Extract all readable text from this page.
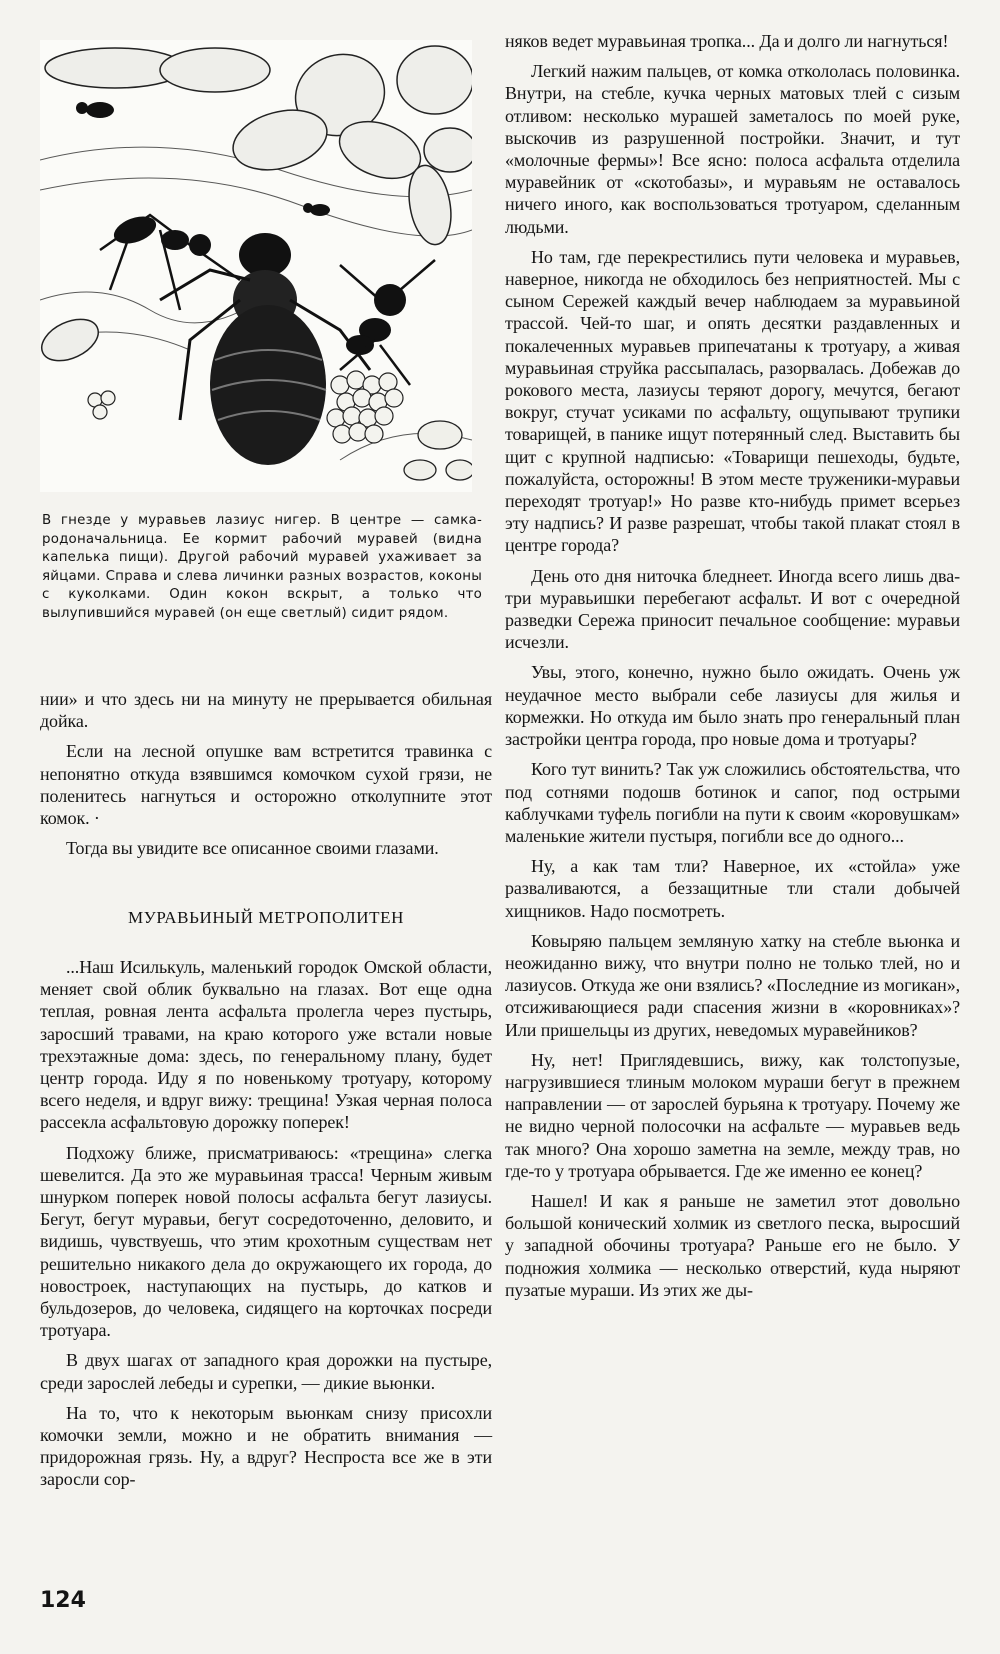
В гнезде у муравьев лазиус нигер. В центре — самка-родоначальница. Ее кормит рабочий муравей (видна капелька пищи). Другой рабочий муравей ухаживает за яйцами. Справа и слева личинки разных возрастов, коконы с куколками. Один кокон вскрыт, а только что вылупившийся муравей (он еще светлый) сидит рядом.

нии» и что здесь ни на минуту не прерывается обильная дойка.

Если на лесной опушке вам встретится травинка с непонятно откуда взявшимся комочком сухой грязи, не поленитесь нагнуться и осторожно отколупните этот комок. ·

Тогда вы увидите все описанное своими глазами.

МУРАВЬИНЫЙ МЕТРОПОЛИТЕН

...Наш Исилькуль, маленький городок Омской области, меняет свой облик буквально на глазах. Вот еще одна теплая, ровная лента асфальта пролегла через пустырь, заросший травами, на краю которого уже встали новые трехэтажные дома: здесь, по генеральному плану, будет центр города. Иду я по новенькому тротуару, которому всего неделя, и вдруг вижу: трещина! Узкая черная полоса рассекла асфальтовую дорожку поперек!

Подхожу ближе, присматриваюсь: «трещина» слегка шевелится. Да это же муравьиная трасса! Черным живым шнурком поперек новой полосы асфальта бегут лазиусы. Бегут, бегут муравьи, бегут сосредоточенно, деловито, и видишь, чувствуешь, что этим крохотным существам нет решительно никакого дела до окружающего их города, до новостроек, наступающих на пустырь, до катков и бульдозеров, до человека, сидящего на корточках посреди тротуара.

В двух шагах от западного края дорожки на пустыре, среди зарослей лебеды и сурепки, — дикие вьюнки.

На то, что к некоторым вьюнкам снизу присохли комочки земли, можно и не обратить внимания — придорожная грязь. Ну, а вдруг? Неспроста все же в эти заросли сор-

няков ведет муравьиная тропка... Да и долго ли нагнуться!

Легкий нажим пальцев, от комка откололась половинка. Внутри, на стебле, кучка черных матовых тлей с сизым отливом: несколько мурашей заметалось по моей руке, выскочив из разрушенной постройки. Значит, и тут «молочные фермы»! Все ясно: полоса асфальта отделила муравейник от «скотобазы», и муравьям не оставалось ничего иного, как воспользоваться тротуаром, сделанным людьми.

Но там, где перекрестились пути человека и муравьев, наверное, никогда не обходилось без неприятностей. Мы с сыном Сережей каждый вечер наблюдаем за муравьиной трассой. Чей-то шаг, и опять десятки раздавленных и покалеченных муравьев припечатаны к тротуару, а живая муравьиная струйка рассыпалась, разорвалась. Добежав до рокового места, лазиусы теряют дорогу, мечутся, бегают вокруг, стучат усиками по асфальту, ощупывают трупики товарищей, в панике ищут потерянный след. Выставить бы щит с крупной надписью: «Товарищи пешеходы, будьте, пожалуйста, осторожны! В этом месте труженики-муравьи переходят тротуар!» Но разве кто-нибудь примет всерьез эту надпись? И разве разрешат, чтобы такой плакат стоял в центре города?

День ото дня ниточка бледнеет. Иногда всего лишь два-три муравьишки перебегают асфальт. И вот с очередной разведки Сережа приносит печальное сообщение: муравьи исчезли.

Увы, этого, конечно, нужно было ожидать. Очень уж неудачное место выбрали себе лазиусы для жилья и кормежки. Но откуда им было знать про генеральный план застройки центра города, про новые дома и тротуары?

Кого тут винить? Так уж сложились обстоятельства, что под сотнями подошв ботинок и сапог, под острыми каблучками туфель погибли на пути к своим «коровушкам» маленькие жители пустыря, погибли все до одного...

Ну, а как там тли? Наверное, их «стойла» уже разваливаются, а беззащитные тли стали добычей хищников. Надо посмотреть.

Ковыряю пальцем земляную хатку на стебле вьюнка и неожиданно вижу, что внутри полно не только тлей, но и лазиусов. Откуда же они взялись? «Последние из могикан», отсиживающиеся ради спасения жизни в «коровниках»? Или пришельцы из других, неведомых муравейников?

Ну, нет! Приглядевшись, вижу, как толстопузые, нагрузившиеся тлиным молоком мураши бегут в прежнем направлении — от зарослей бурьяна к тротуару. Почему же не видно черной полосочки на асфальте — муравьев ведь так много? Она хорошо заметна на земле, между трав, но где-то у тротуара обрывается. Где же именно ее конец?

Нашел! И как я раньше не заметил этот довольно большой конический холмик из светлого песка, выросший у западной обочины тротуара? Раньше его не было. У подножия холмика — несколько отверстий, куда ныряют пузатые мураши. Из этих же ды-

124
